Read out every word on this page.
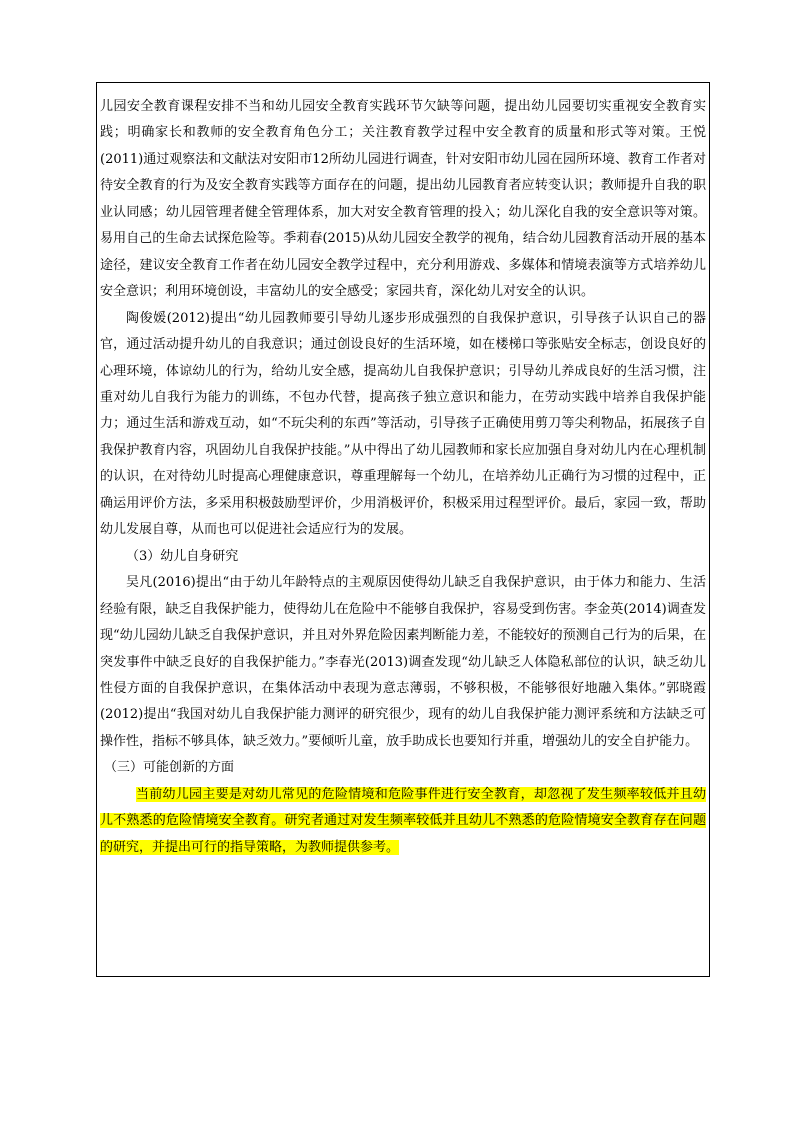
儿园安全教育课程安排不当和幼儿园安全教育实践环节欠缺等问题，提出幼儿园要切实重视安全教育实践；明确家长和教师的安全教育角色分工；关注教育教学过程中安全教育的质量和形式等对策。王悦(2011)通过观察法和文献法对安阳市12所幼儿园进行调查，针对安阳市幼儿园在园所环境、教育工作者对待安全教育的行为及安全教育实践等方面存在的问题，提出幼儿园教育者应转变认识；教师提升自我的职业认同感；幼儿园管理者健全管理体系，加大对安全教育管理的投入；幼儿深化自我的安全意识等对策。易用自己的生命去试探危险等。季莉春(2015)从幼儿园安全教学的视角，结合幼儿园教育活动开展的基本途径，建议安全教育工作者在幼儿园安全教学过程中，充分利用游戏、多媒体和情境表演等方式培养幼儿安全意识；利用环境创设，丰富幼儿的安全感受；家园共育，深化幼儿对安全的认识。

陶俊媛(2012)提出“幼儿园教师要引导幼儿逐步形成强烈的自我保护意识，引导孩子认识自己的器官，通过活动提升幼儿的自我意识；通过创设良好的生活环境，如在楼梯口等张贴安全标志，创设良好的心理环境，体谅幼儿的行为，给幼儿安全感，提高幼儿自我保护意识；引导幼儿养成良好的生活习惯，注重对幼儿自我行为能力的训练，不包办代替，提高孩子独立意识和能力，在劳动实践中培养自我保护能力；通过生活和游戏互动，如“不玩尖利的东西”等活动，引导孩子正确使用剪刀等尖利物品，拓展孩子自我保护教育内容，巩固幼儿自我保护技能。”从中得出了幼儿园教师和家长应加强自身对幼儿内在心理机制的认识，在对待幼儿时提高心理健康意识，尊重理解每一个幼儿，在培养幼儿正确行为习惯的过程中，正确运用评价方法，多采用积极鼓励型评价，少用消极评价，积极采用过程型评价。最后，家园一致，帮助幼儿发展自尊，从而也可以促进社会适应行为的发展。

（3）幼儿自身研究

吴凡(2016)提出“由于幼儿年龄特点的主观原因使得幼儿缺乏自我保护意识，由于体力和能力、生活经验有限，缺乏自我保护能力，使得幼儿在危险中不能够自我保护，容易受到伤害。李金英(2014)调查发现“幼儿园幼儿缺乏自我保护意识，并且对外界危险因素判断能力差，不能较好的预测自己行为的后果，在突发事件中缺乏良好的自我保护能力。”李春光(2013)调查发现“幼儿缺乏人体隐私部位的认识，缺乏幼儿性侵方面的自我保护意识，在集体活动中表现为意志薄弱，不够积极，不能够很好地融入集体。”郭晓霞(2012)提出“我国对幼儿自我保护能力测评的研究很少，现有的幼儿自我保护能力测评系统和方法缺乏可操作性，指标不够具体，缺乏效力。”要倾听儿童，放手助成长也要知行并重，增强幼儿的安全自护能力。

（三）可能创新的方面

当前幼儿园主要是对幼儿常见的危险情境和危险事件进行安全教育，却忽视了发生频率较低并且幼儿不熟悉的危险情境安全教育。研究者通过对发生频率较低并且幼儿不熟悉的危险情境安全教育存在问题的研究，并提出可行的指导策略，为教师提供参考。
